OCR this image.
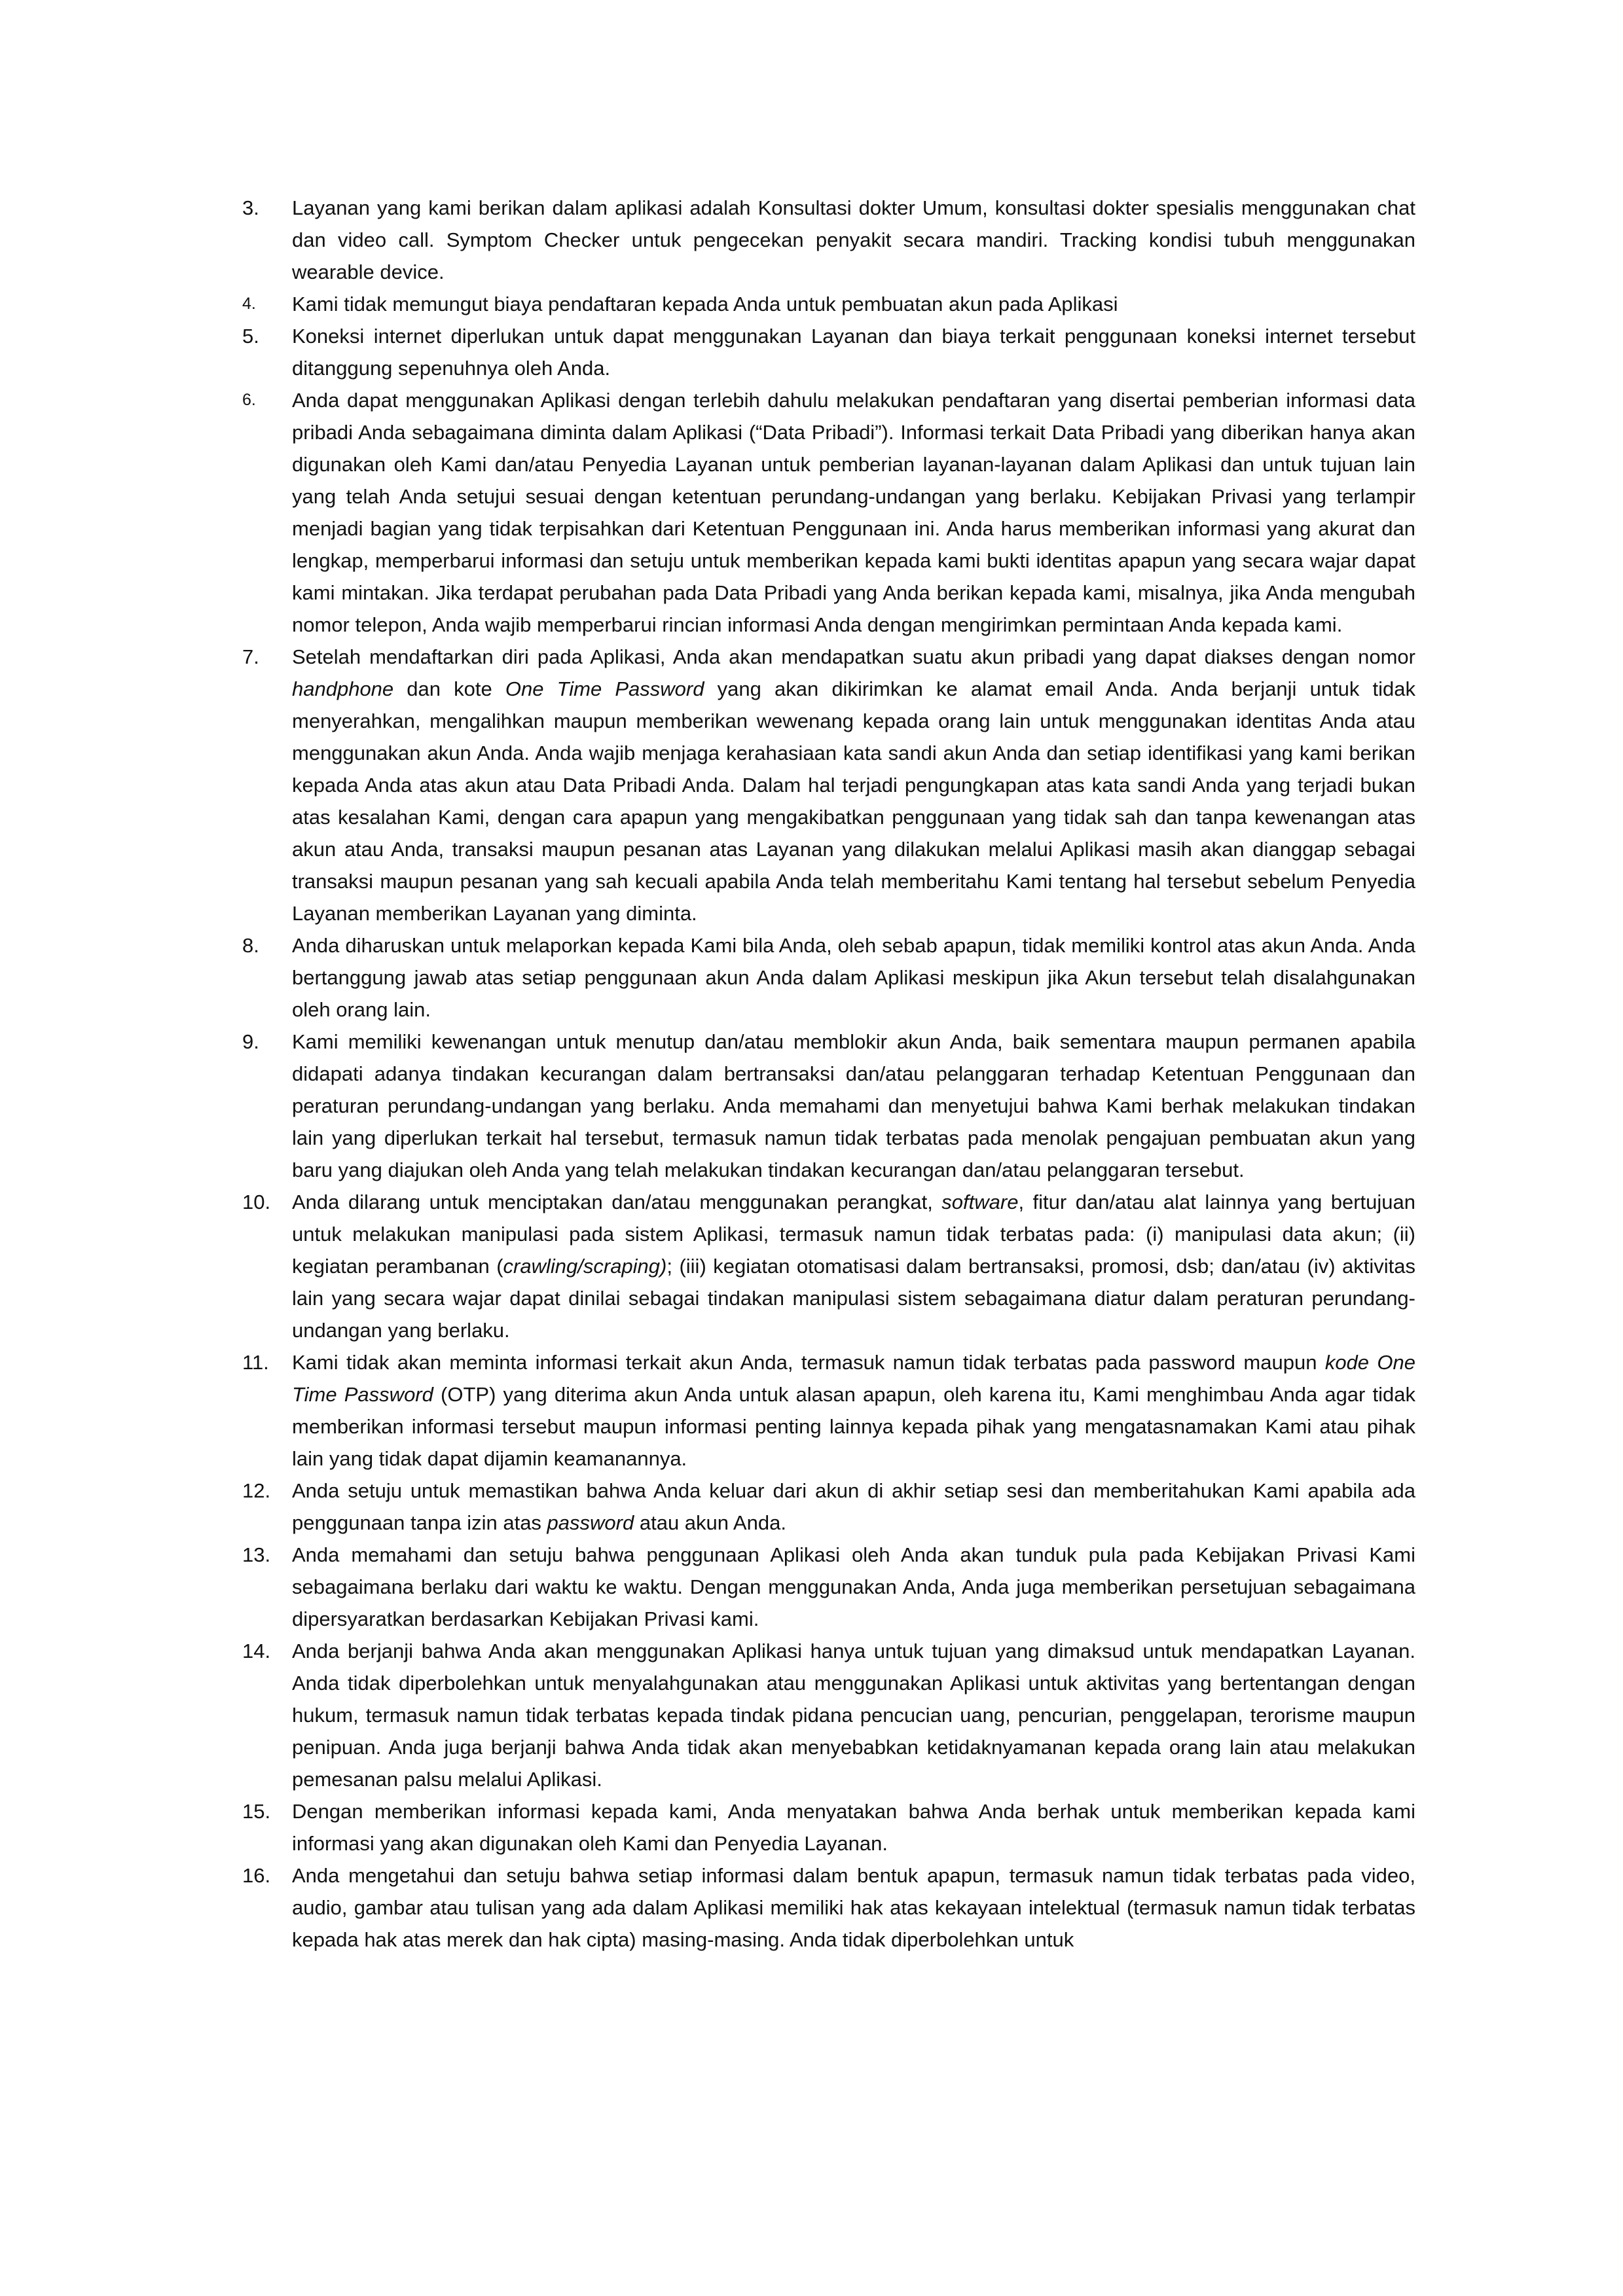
3.	Layanan yang kami berikan dalam aplikasi adalah Konsultasi dokter Umum, konsultasi dokter spesialis menggunakan chat dan video call. Symptom Checker untuk pengecekan penyakit secara mandiri. Tracking kondisi tubuh menggunakan wearable device.
4.	Kami tidak memungut biaya pendaftaran kepada Anda untuk pembuatan akun pada Aplikasi
5.	Koneksi internet diperlukan untuk dapat menggunakan Layanan dan biaya terkait penggunaan koneksi internet tersebut ditanggung sepenuhnya oleh Anda.
6.	Anda dapat menggunakan Aplikasi dengan terlebih dahulu melakukan pendaftaran yang disertai pemberian informasi data pribadi Anda sebagaimana diminta dalam Aplikasi (“Data Pribadi”). Informasi terkait Data Pribadi yang diberikan hanya akan digunakan oleh Kami dan/atau Penyedia Layanan untuk pemberian layanan-layanan dalam Aplikasi dan untuk tujuan lain yang telah Anda setujui sesuai dengan ketentuan perundang-undangan yang berlaku. Kebijakan Privasi yang terlampir menjadi bagian yang tidak terpisahkan dari Ketentuan Penggunaan ini. Anda harus memberikan informasi yang akurat dan lengkap, memperbarui informasi dan setuju untuk memberikan kepada kami bukti identitas apapun yang secara wajar dapat kami mintakan. Jika terdapat perubahan pada Data Pribadi yang Anda berikan kepada kami, misalnya, jika Anda mengubah nomor telepon, Anda wajib memperbarui rincian informasi Anda dengan mengirimkan permintaan Anda kepada kami.
7.	Setelah mendaftarkan diri pada Aplikasi, Anda akan mendapatkan suatu akun pribadi yang dapat diakses dengan nomor handphone dan kote One Time Password yang akan dikirimkan ke alamat email Anda. Anda berjanji untuk tidak menyerahkan, mengalihkan maupun memberikan wewenang kepada orang lain untuk menggunakan identitas Anda atau menggunakan akun Anda. Anda wajib menjaga kerahasiaan kata sandi akun Anda dan setiap identifikasi yang kami berikan kepada Anda atas akun atau Data Pribadi Anda. Dalam hal terjadi pengungkapan atas kata sandi Anda yang terjadi bukan atas kesalahan Kami, dengan cara apapun yang mengakibatkan penggunaan yang tidak sah dan tanpa kewenangan atas akun atau Anda, transaksi maupun pesanan atas Layanan yang dilakukan melalui Aplikasi masih akan dianggap sebagai transaksi maupun pesanan yang sah kecuali apabila Anda telah memberitahu Kami tentang hal tersebut sebelum Penyedia Layanan memberikan Layanan yang diminta.
8.	Anda diharuskan untuk melaporkan kepada Kami bila Anda, oleh sebab apapun, tidak memiliki kontrol atas akun Anda. Anda bertanggung jawab atas setiap penggunaan akun Anda dalam Aplikasi meskipun jika Akun tersebut telah disalahgunakan oleh orang lain.
9.	Kami memiliki kewenangan untuk menutup dan/atau memblokir akun Anda, baik sementara maupun permanen apabila didapati adanya tindakan kecurangan dalam bertransaksi dan/atau pelanggaran terhadap Ketentuan Penggunaan dan peraturan perundang-undangan yang berlaku. Anda memahami dan menyetujui bahwa Kami berhak melakukan tindakan lain yang diperlukan terkait hal tersebut, termasuk namun tidak terbatas pada menolak pengajuan pembuatan akun yang baru yang diajukan oleh Anda yang telah melakukan tindakan kecurangan dan/atau pelanggaran tersebut.
10.	Anda dilarang untuk menciptakan dan/atau menggunakan perangkat, software, fitur dan/atau alat lainnya yang bertujuan untuk melakukan manipulasi pada sistem Aplikasi, termasuk namun tidak terbatas pada: (i) manipulasi data akun; (ii) kegiatan perambanan (crawling/scraping); (iii) kegiatan otomatisasi dalam bertransaksi, promosi, dsb; dan/atau (iv) aktivitas lain yang secara wajar dapat dinilai sebagai tindakan manipulasi sistem sebagaimana diatur dalam peraturan perundang-undangan yang berlaku.
11.	Kami tidak akan meminta informasi terkait akun Anda, termasuk namun tidak terbatas pada password maupun kode One Time Password (OTP) yang diterima akun Anda untuk alasan apapun, oleh karena itu, Kami menghimbau Anda agar tidak memberikan informasi tersebut maupun informasi penting lainnya kepada pihak yang mengatasnamakan Kami atau pihak lain yang tidak dapat dijamin keamanannya.
12.	Anda setuju untuk memastikan bahwa Anda keluar dari akun di akhir setiap sesi dan memberitahukan Kami apabila ada penggunaan tanpa izin atas password atau akun Anda.
13.	Anda memahami dan setuju bahwa penggunaan Aplikasi oleh Anda akan tunduk pula pada Kebijakan Privasi Kami sebagaimana berlaku dari waktu ke waktu. Dengan menggunakan Anda, Anda juga memberikan persetujuan sebagaimana dipersyaratkan berdasarkan Kebijakan Privasi kami.
14.	Anda berjanji bahwa Anda akan menggunakan Aplikasi hanya untuk tujuan yang dimaksud untuk mendapatkan Layanan. Anda tidak diperbolehkan untuk menyalahgunakan atau menggunakan Aplikasi untuk aktivitas yang bertentangan dengan hukum, termasuk namun tidak terbatas kepada tindak pidana pencucian uang, pencurian, penggelapan, terorisme maupun penipuan. Anda juga berjanji bahwa Anda tidak akan menyebabkan ketidaknyamanan kepada orang lain atau melakukan pemesanan palsu melalui Aplikasi.
15.	Dengan memberikan informasi kepada kami, Anda menyatakan bahwa Anda berhak untuk memberikan kepada kami informasi yang akan digunakan oleh Kami dan Penyedia Layanan.
16.	Anda mengetahui dan setuju bahwa setiap informasi dalam bentuk apapun, termasuk namun tidak terbatas pada video, audio, gambar atau tulisan yang ada dalam Aplikasi memiliki hak atas kekayaan intelektual (termasuk namun tidak terbatas kepada hak atas merek dan hak cipta) masing-masing. Anda tidak diperbolehkan untuk
